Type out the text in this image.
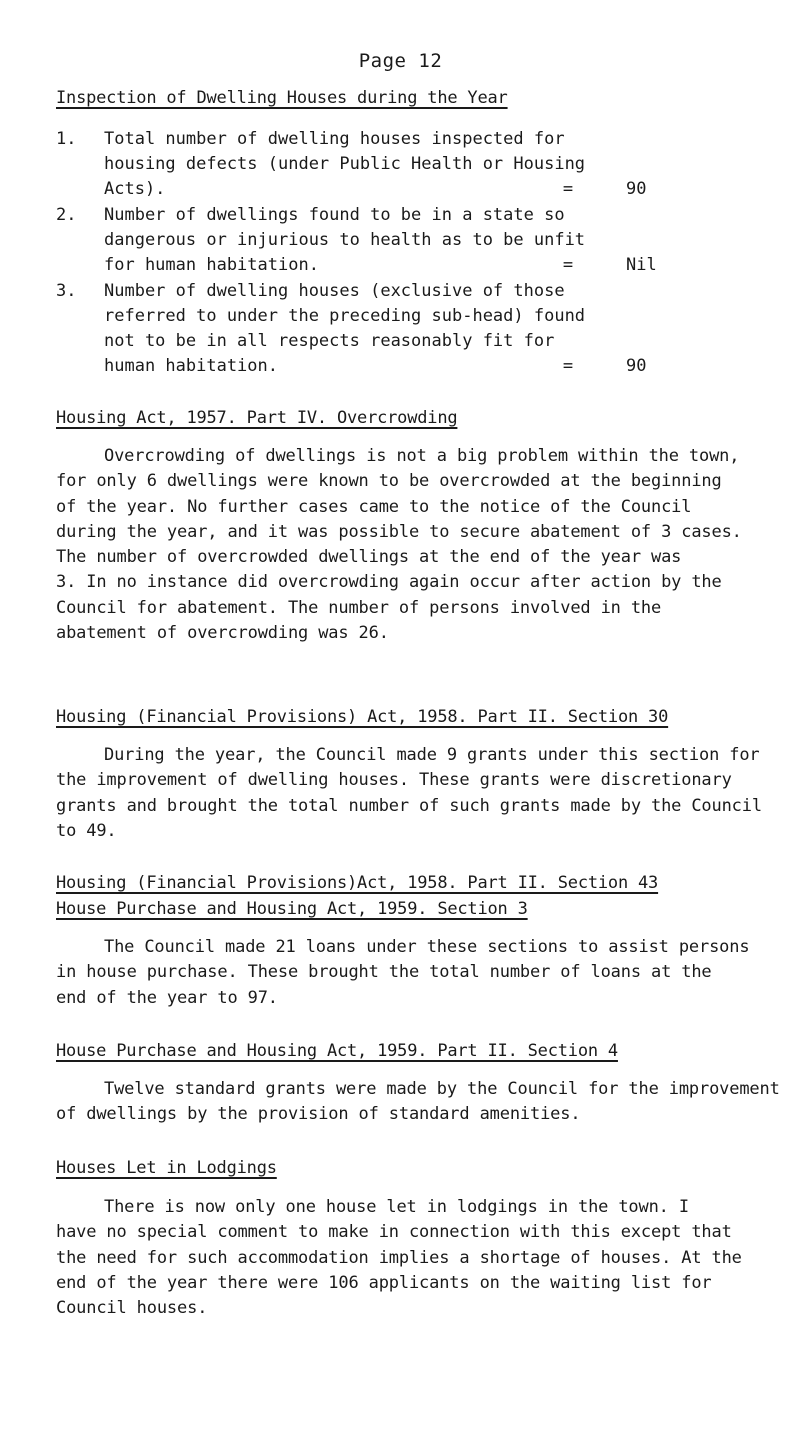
Page 12
Inspection of Dwelling Houses during the Year
1. Total number of dwelling houses inspected for
housing defects (under Public Health or Housing
Acts).	=	90
2. Number of dwellings found to be in a state so
dangerous or injurious to health as to be unfit
for human habitation.	=	Nil
3. Number of dwelling houses (exclusive of those
referred to under the preceding sub-head) found
not to be in all respects reasonably fit for
human habitation.	=	90
Housing Act, 1957. Part IV. Overcrowding
Overcrowding of dwellings is not a big problem within the town,
for only 6 dwellings were known to be overcrowded at the beginning
of the year. No further cases came to the notice of the Council
during the year, and it was possible to secure abatement of 3 cases.
The number of overcrowded dwellings at the end of the year was
3. In no instance did overcrowding again occur after action by the
Council for abatement. The number of persons involved in the
abatement of overcrowding was 26.
Housing (Financial Provisions) Act, 1958. Part II. Section 30
During the year, the Council made 9 grants under this section for
the improvement of dwelling houses. These grants were discretionary
grants and brought the total number of such grants made by the Council
to 49.
Housing (Financial Provisions)Act, 1958. Part II. Section 43
House Purchase and Housing Act, 1959. Section 3
The Council made 21 loans under these sections to assist persons
in house purchase. These brought the total number of loans at the
end of the year to 97.
House Purchase and Housing Act, 1959. Part II. Section 4
Twelve standard grants were made by the Council for the improvement
of dwellings by the provision of standard amenities.
Houses Let in Lodgings
There is now only one house let in lodgings in the town. I
have no special comment to make in connection with this except that
the need for such accommodation implies a shortage of houses. At the
end of the year there were 106 applicants on the waiting list for
Council houses.
